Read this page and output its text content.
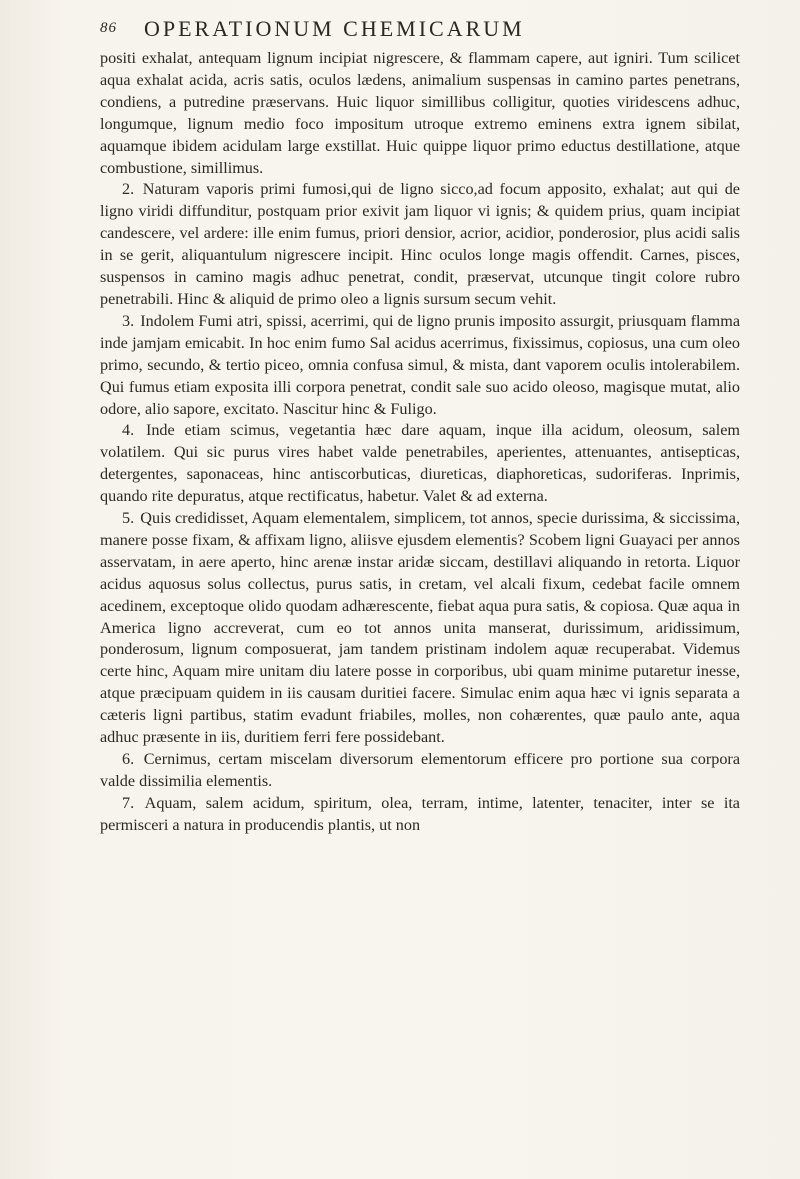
86 OPERATIONUM CHEMICARUM

positi exhalat, antequam lignum incipiat nigrescere, & flammam capere, aut igniri. Tum scilicet aqua exhalat acida, acris satis, oculos lædens, animalium suspensas in camino partes penetrans, condiens, a putredine præservans. Huic liquor simillibus colligitur, quoties viridescens adhuc, longumque, lignum medio foco impositum utroque extremo eminens extra ignem sibilat, aquamque ibidem acidulam large exstillat. Huic quippe liquor primo eductus destillatione, atque combustione, simillimus.

2. Naturam vaporis primi fumosi,qui de ligno sicco,ad focum apposito, exhalat; aut qui de ligno viridi diffunditur, postquam prior exivit jam liquor vi ignis; & quidem prius, quam incipiat candescere, vel ardere: ille enim fumus, priori densior, acrior, acidior, ponderosior, plus acidi salis in se gerit, aliquantulum nigrescere incipit. Hinc oculos longe magis offendit. Carnes, pisces, suspensos in camino magis adhuc penetrat, condit, præservat, utcunque tingit colore rubro penetrabili. Hinc & aliquid de primo oleo a lignis sursum secum vehit.

3. Indolem Fumi atri, spissi, acerrimi, qui de ligno prunis imposito assurgit, priusquam flamma inde jamjam emicabit. In hoc enim fumo Sal acidus acerrimus, fixissimus, copiosus, una cum oleo primo, secundo, & tertio piceo, omnia confusa simul, & mista, dant vaporem oculis intolerabilem. Qui fumus etiam exposita illi corpora penetrat, condit sale suo acido oleoso, magisque mutat, alio odore, alio sapore, excitato. Nascitur hinc & Fuligo.

4. Inde etiam scimus, vegetantia hæc dare aquam, inque illa acidum, oleosum, salem volatilem. Qui sic purus vires habet valde penetrabiles, aperientes, attenuantes, antisepticas, detergentes, saponaceas, hinc antiscorbuticas, diureticas, diaphoreticas, sudoriferas. Inprimis, quando rite depuratus, atque rectificatus, habetur. Valet & ad externa.

5. Quis credidisset, Aquam elementalem, simplicem, tot annos, specie durissima, & siccissima, manere posse fixam, & affixam ligno, aliisve ejusdem elementis? Scobem ligni Guayaci per annos asservatam, in aere aperto, hinc arenæ instar aridæ siccam, destillavi aliquando in retorta. Liquor acidus aquosus solus collectus, purus satis, in cretam, vel alcali fixum, cedebat facile omnem acedinem, exceptoque olido quodam adhærescente, fiebat aqua pura satis, & copiosa. Quæ aqua in America ligno accreverat, cum eo tot annos unita manserat, durissimum, aridissimum, ponderosum, lignum composuerat, jam tandem pristinam indolem aquæ recuperabat. Videmus certe hinc, Aquam mire unitam diu latere posse in corporibus, ubi quam minime putaretur inesse, atque præcipuam quidem in iis causam duritiei facere. Simulac enim aqua hæc vi ignis separata a cæteris ligni partibus, statim evadunt friabiles, molles, non cohærentes, quæ paulo ante, aqua adhuc præsente in iis, duritiem ferri fere possidebant.

6. Cernimus, certam miscelam diversorum elementorum efficere pro portione sua corpora valde dissimilia elementis.

7. Aquam, salem acidum, spiritum, olea, terram, intime, latenter, tenaciter, inter se ita permisceri a natura in producendis plantis, ut non
